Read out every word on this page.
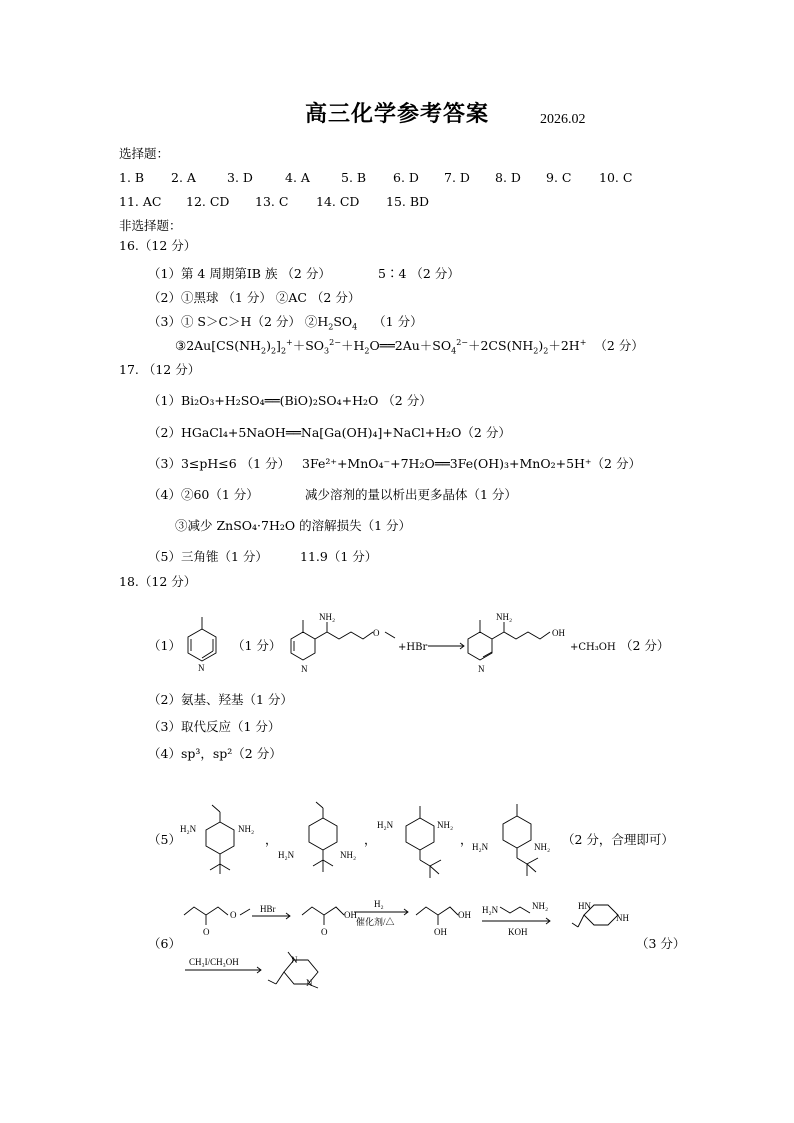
高三化学参考答案	2026.02
选择题：
1. B 2. A 3. D	4. A 5. B 6. D 7. D 8. D 9. C 10. C
11. AC 12. CD 13. C 14. CD 15. BD
非选择题：
16.（12 分）
（1）第 4 周期第IB 族 （2 分）	5∶4 （2 分）
（2）①黑球 （1 分） ②AC （2 分）
（3）① S＞C＞H（2 分） $②H_2SO_4$ （1 分）
$③2Au[CS(NH_2)_2]_2^++SO_3^{2-}+H_2O══2Au+SO_4^{2-}+2CS(NH_2)_2+2H^+$ （2 分）
17. （12 分）
（1）Bi₂O₃+H₂SO₄══(BiO)₂SO₄+H₂O （2 分）
（2）HGaCl₄+5NaOH══Na[Ga(OH)₄]+NaCl+H₂O（2 分）
（3）3≤pH≤6 （1 分） 3Fe²⁺+MnO₄⁻+7H₂O══3Fe(OH)₃+MnO₂+5H⁺（2 分）
（4）②60（1 分）	减少溶剂的量以析出更多晶体（1 分）
③减少 ZnSO₄·7H₂O 的溶解损失（1 分）
（5）三角锥（1 分）	11.9（1 分）
18.（12 分）
（1）	（1 分）	（2 分）
N
NH₂
N
O
+HBr →
NH₂
N
OH
+CH₃OH
（2）氨基、羟基（1 分）
（3）取代反应（1 分）
（4）sp³，sp²（2 分）
（5）
H₂N	NH₂
，
H₂N	NH₂
，
H₂N	NH₂
， H₂N	NH₂ （2 分，合理即可）
（6）	（3 分）
O
O
HBr
O
OH
H₂
催化剂/△
OH
OH H₂N	NH₂
KOH
HN
NH
CH₃I/CH₃OH	N
N
